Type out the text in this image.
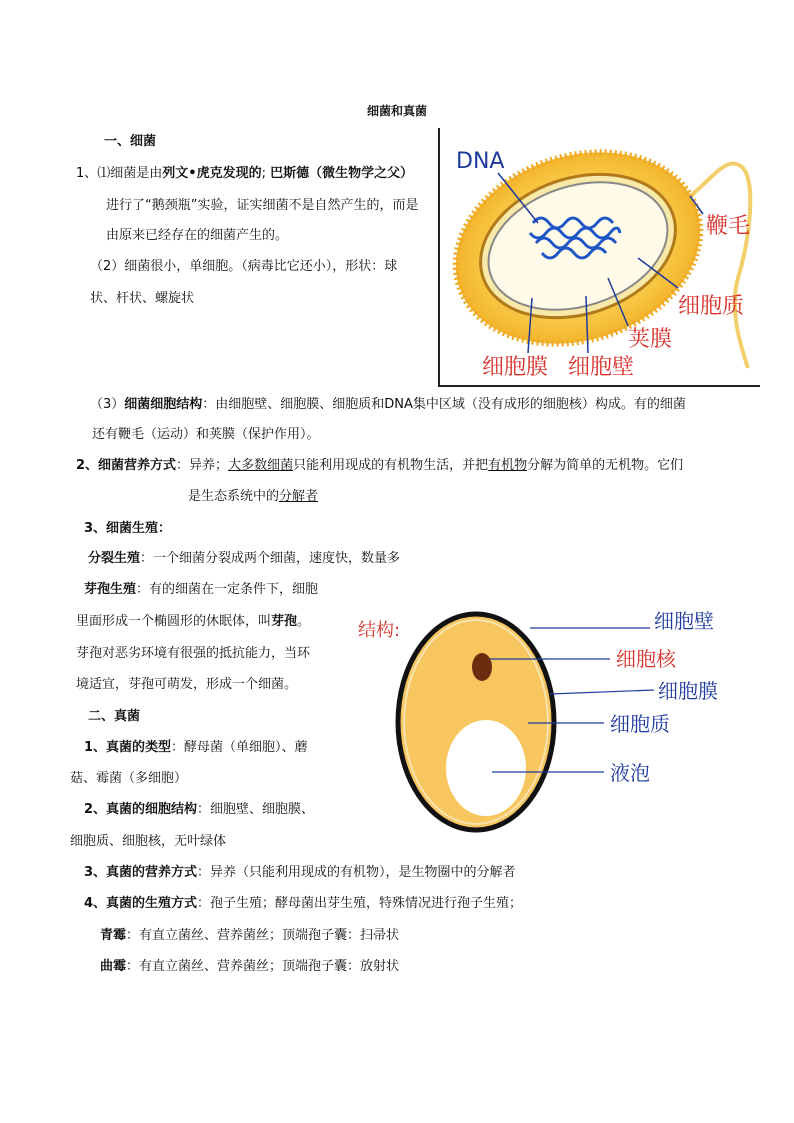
细菌和真菌
一、细菌
1、⑴细菌是由列文•虎克发现的; 巴斯德（微生物学之父）
进行了“鹅颈瓶”实验，证实细菌不是自然产生的，而是
由原来已经存在的细菌产生的。
（2）细菌很小，单细胞。（病毒比它还小），形状：球
状、杆状、螺旋状
DNA
鞭毛
细胞质
荚膜
细胞膜 细胞壁
（3）细菌细胞结构：由细胞壁、细胞膜、细胞质和DNA集中区域（没有成形的细胞核）构成。有的细菌
还有鞭毛（运动）和荚膜（保护作用）。
2、细菌营养方式：异养；大多数细菌只能利用现成的有机物生活，并把有机物分解为简单的无机物。它们
是生态系统中的分解者
3、细菌生殖：
分裂生殖：一个细菌分裂成两个细菌，速度快，数量多
芽孢生殖：有的细菌在一定条件下，细胞
里面形成一个椭圆形的休眠体，叫芽孢。
芽孢对恶劣环境有很强的抵抗能力，当环
境适宜，芽孢可萌发，形成一个细菌。
二、真菌
1、真菌的类型：酵母菌（单细胞）、蘑
菇、霉菌（多细胞）
2、真菌的细胞结构：细胞壁、细胞膜、
细胞质、细胞核，无叶绿体
3、真菌的营养方式：异养（只能利用现成的有机物），是生物圈中的分解者
4、真菌的生殖方式：孢子生殖；酵母菌出芽生殖，特殊情况进行孢子生殖；
青霉：有直立菌丝、营养菌丝；顶端孢子囊：扫帚状
曲霉：有直立菌丝、营养菌丝；顶端孢子囊：放射状
结构:	细胞壁
细胞核
细胞膜
细胞质
液泡
